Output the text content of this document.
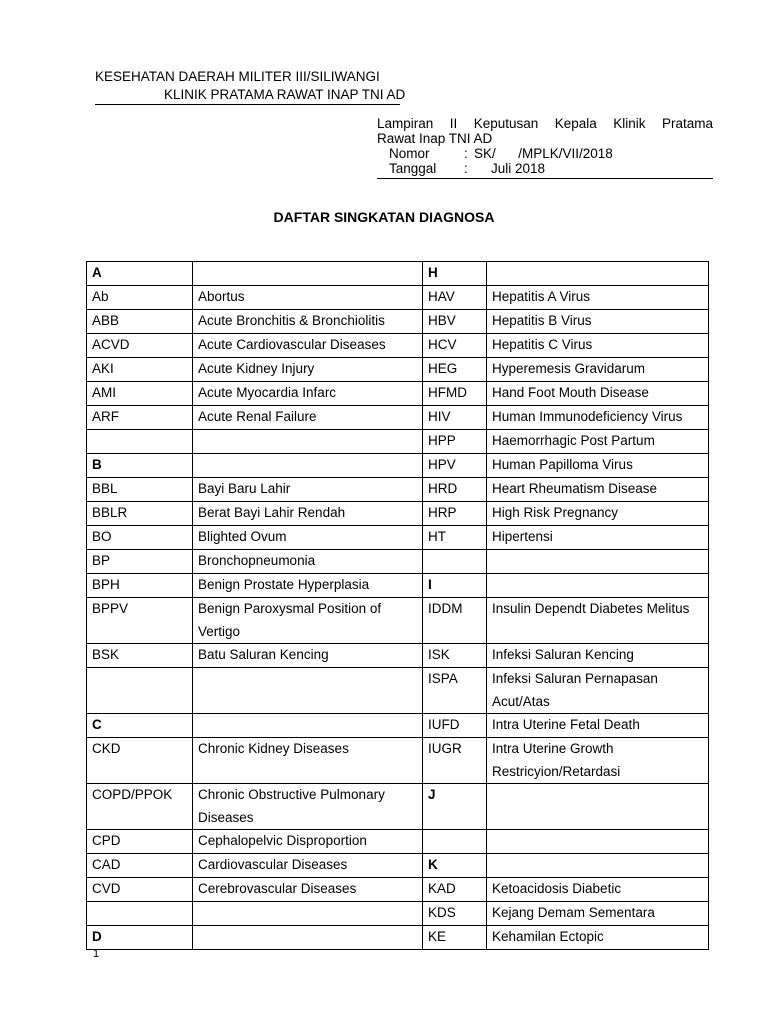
KESEHATAN DAERAH MILITER III/SILIWANGI
KLINIK PRATAMA RAWAT INAP TNI AD
Lampiran II Keputusan Kepala Klinik Pratama
Rawat Inap TNI AD
Nomor	: SK/      /MPLK/VII/2018
Tanggal : Juli 2018
DAFTAR SINGKATAN DIAGNOSA
A		H	
Ab	Abortus	HAV	Hepatitis A Virus
ABB	Acute Bronchitis & Bronchiolitis	HBV	Hepatitis B Virus
ACVD	Acute Cardiovascular Diseases	HCV	Hepatitis C Virus
AKI	Acute Kidney Injury	HEG	Hyperemesis Gravidarum
AMI	Acute Myocardia Infarc	HFMD	Hand Foot Mouth Disease
ARF	Acute Renal Failure	HIV	Human Immunodeficiency Virus
		HPP	Haemorrhagic Post Partum
B		HPV	Human Papilloma Virus
BBL	Bayi Baru Lahir	HRD	Heart Rheumatism Disease
BBLR	Berat Bayi Lahir Rendah	HRP	High Risk Pregnancy
BO	Blighted Ovum	HT	Hipertensi
BP	Bronchopneumonia		
BPH	Benign Prostate Hyperplasia	I	
BPPV	Benign Paroxysmal Position of Vertigo	IDDM	Insulin Dependt Diabetes Melitus
BSK	Batu Saluran Kencing	ISK	Infeksi Saluran Kencing
		ISPA	Infeksi Saluran Pernapasan Acut/Atas
C		IUFD	Intra Uterine Fetal Death
CKD	Chronic Kidney Diseases	IUGR	Intra Uterine Growth Restricyion/Retardasi
COPD/PPOK	Chronic Obstructive Pulmonary Diseases	J	
CPD	Cephalopelvic Disproportion		
CAD	Cardiovascular Diseases	K	
CVD	Cerebrovascular Diseases	KAD	Ketoacidosis Diabetic
		KDS	Kejang Demam Sementara
D		KE	Kehamilan Ectopic
1
